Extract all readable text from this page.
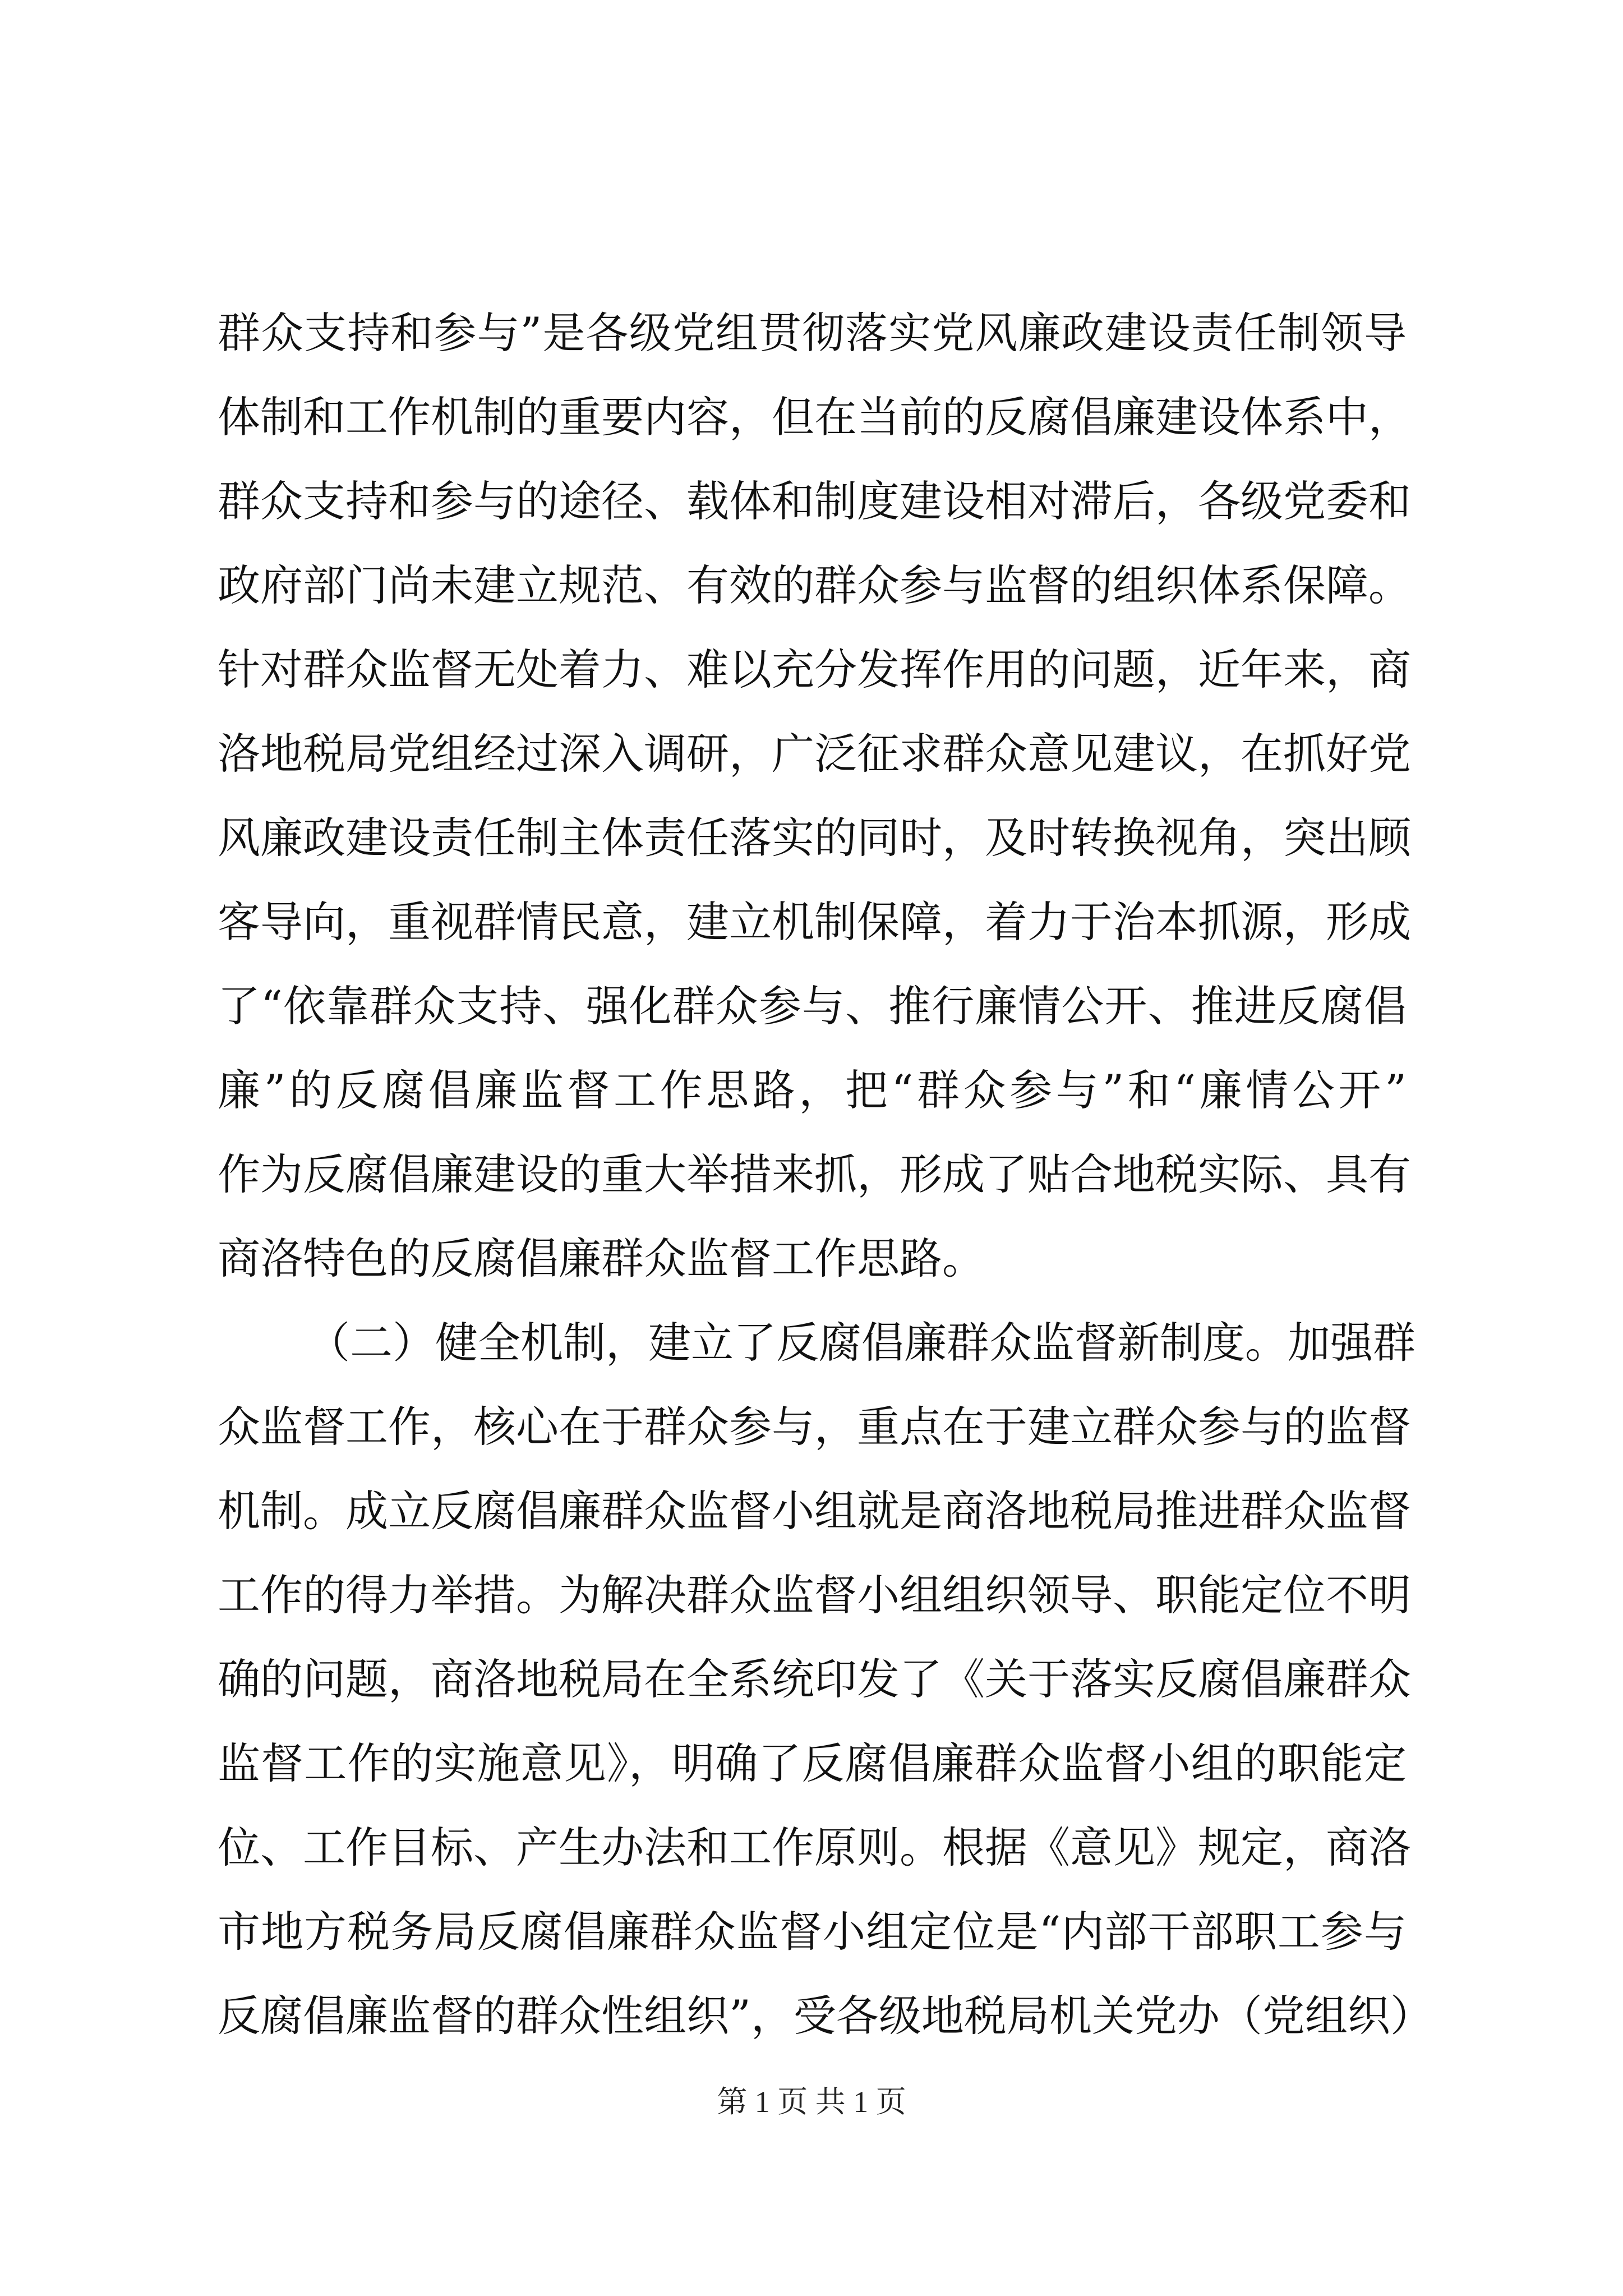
群众支持和参与”是各级党组贯彻落实党风廉政建设责任制领导
体制和工作机制的重要内容，但在当前的反腐倡廉建设体系中，
群众支持和参与的途径、载体和制度建设相对滞后，各级党委和
政府部门尚未建立规范、有效的群众参与监督的组织体系保障。
针对群众监督无处着力、难以充分发挥作用的问题，近年来，商
洛地税局党组经过深入调研，广泛征求群众意见建议，在抓好党
风廉政建设责任制主体责任落实的同时，及时转换视角，突出顾
客导向，重视群情民意，建立机制保障，着力于治本抓源，形成
了“依靠群众支持、强化群众参与、推行廉情公开、推进反腐倡
廉”的反腐倡廉监督工作思路，把“群众参与”和“廉情公开”
作为反腐倡廉建设的重大举措来抓，形成了贴合地税实际、具有
商洛特色的反腐倡廉群众监督工作思路。
（二）健全机制，建立了反腐倡廉群众监督新制度。加强群
众监督工作，核心在于群众参与，重点在于建立群众参与的监督
机制。成立反腐倡廉群众监督小组就是商洛地税局推进群众监督
工作的得力举措。为解决群众监督小组组织领导、职能定位不明
确的问题，商洛地税局在全系统印发了《关于落实反腐倡廉群众
监督工作的实施意见》，明确了反腐倡廉群众监督小组的职能定
位、工作目标、产生办法和工作原则。根据《意见》规定，商洛
市地方税务局反腐倡廉群众监督小组定位是“内部干部职工参与
反腐倡廉监督的群众性组织”，受各级地税局机关党办（党组织）
第 1 页 共 1 页
